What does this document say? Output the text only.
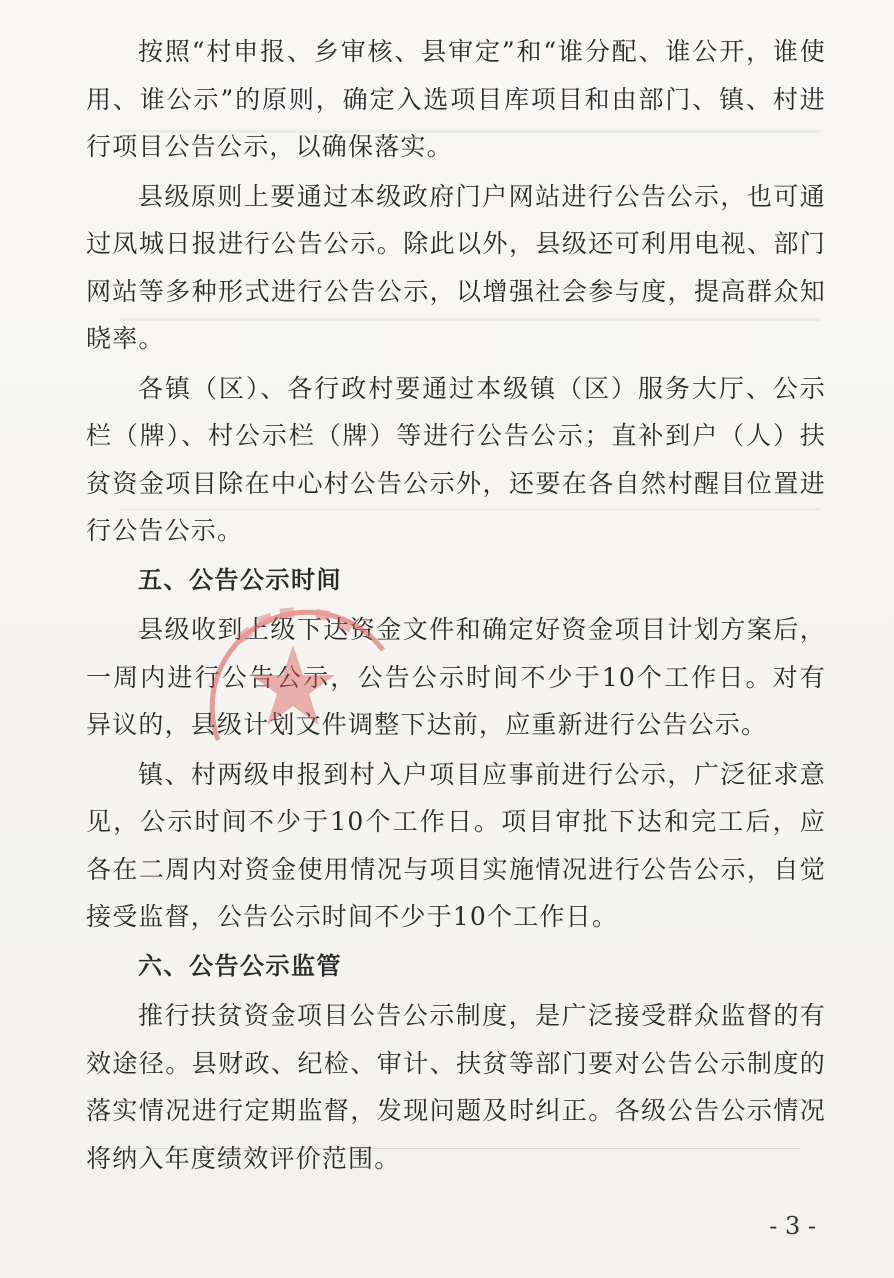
按照“村申报、乡审核、县审定”和“谁分配、谁公开，谁使用、谁公示”的原则，确定入选项目库项目和由部门、镇、村进行项目公告公示，以确保落实。

县级原则上要通过本级政府门户网站进行公告公示，也可通过凤城日报进行公告公示。除此以外，县级还可利用电视、部门网站等多种形式进行公告公示，以增强社会参与度，提高群众知晓率。

各镇（区）、各行政村要通过本级镇（区）服务大厅、公示栏（牌）、村公示栏（牌）等进行公告公示；直补到户（人）扶贫资金项目除在中心村公告公示外，还要在各自然村醒目位置进行公告公示。

五、公告公示时间

县级收到上级下达资金文件和确定好资金项目计划方案后，一周内进行公告公示，公告公示时间不少于10个工作日。对有异议的，县级计划文件调整下达前，应重新进行公告公示。

镇、村两级申报到村入户项目应事前进行公示，广泛征求意见，公示时间不少于10个工作日。项目审批下达和完工后，应各在二周内对资金使用情况与项目实施情况进行公告公示，自觉接受监督，公告公示时间不少于10个工作日。

六、公告公示监管

推行扶贫资金项目公告公示制度，是广泛接受群众监督的有效途径。县财政、纪检、审计、扶贫等部门要对公告公示制度的落实情况进行定期监督，发现问题及时纠正。各级公告公示情况将纳入年度绩效评价范围。

- 3 -
